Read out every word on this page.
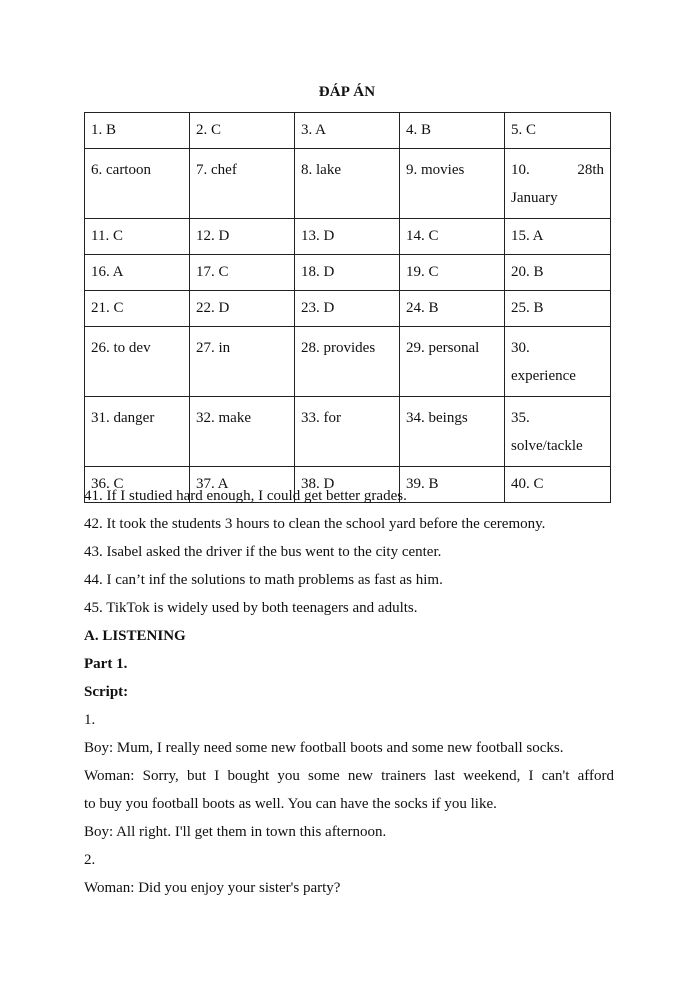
ĐÁP ÁN
1. B	2. C	3. A	4. B	5. C
6. cartoon	7. chef	8. lake	9. movies	10. 28th
January

11. C	12. D	13. D	14. C	15. A
16. A	17. C	18. D	19. C	20. B
21. C	22. D	23. D	24. B	25. B
26. to dev	27. in	28. provides	29. personal	30.
experience

31. danger	32. make	33. for	34. beings	35.
solve/tackle

36. C	37. A	38. D	39. B	40. C
41. If I studied hard enough, I could get better grades.
42. It took the students 3 hours to clean the school yard before the ceremony.
43. Isabel asked the driver if the bus went to the city center.
44. I can’t inf the solutions to math problems as fast as him.
45. TikTok is widely used by both teenagers and adults.
A. LISTENING
Part 1.
Script:
1.
Boy: Mum, I really need some new football boots and some new football socks.
Woman: Sorry, but I bought you some new trainers last weekend, I can't afford
to buy you football boots as well. You can have the socks if you like.
Boy: All right. I'll get them in town this afternoon.
2.
Woman: Did you enjoy your sister's party?
